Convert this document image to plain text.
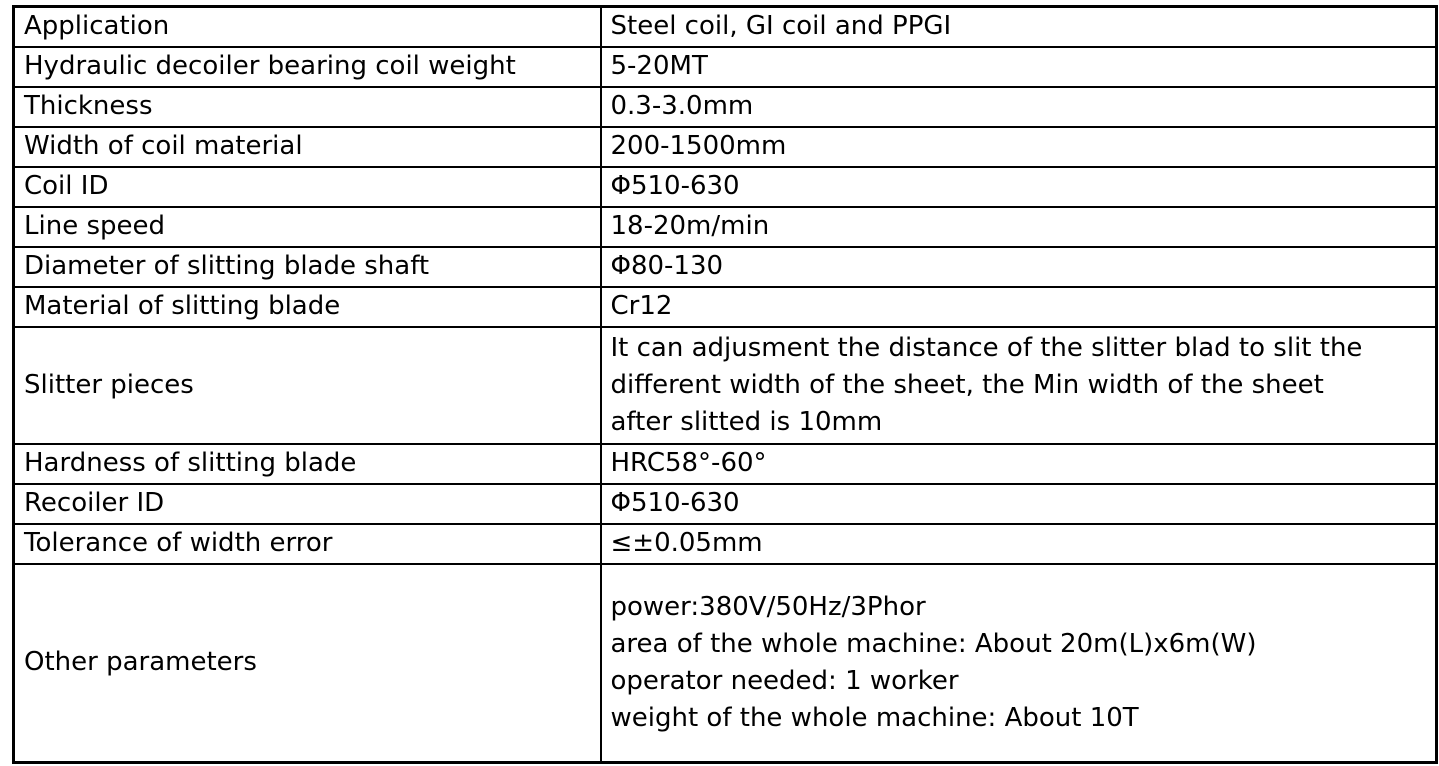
Application	Steel coil, GI coil and PPGI
Hydraulic decoiler bearing coil weight	5-20MT
Thickness	0.3-3.0mm
Width of coil material	200-1500mm
Coil ID	Φ510-630
Line speed	18-20m/min
Diameter of slitting blade shaft	Φ80-130
Material of slitting blade	Cr12
Slitter pieces	It can adjusment the distance of the slitter blad to slit the
different width of the sheet, the Min width of the sheet
after slitted is 10mm

Hardness of slitting blade	HRC58°-60°
Recoiler ID	Φ510-630
Tolerance of width error	≤±0.05mm
Other parameters	power:380V/50Hz/3Phor
area of the whole machine: About 20m(L)x6m(W)
operator needed: 1 worker
weight of the whole machine: About 10T
